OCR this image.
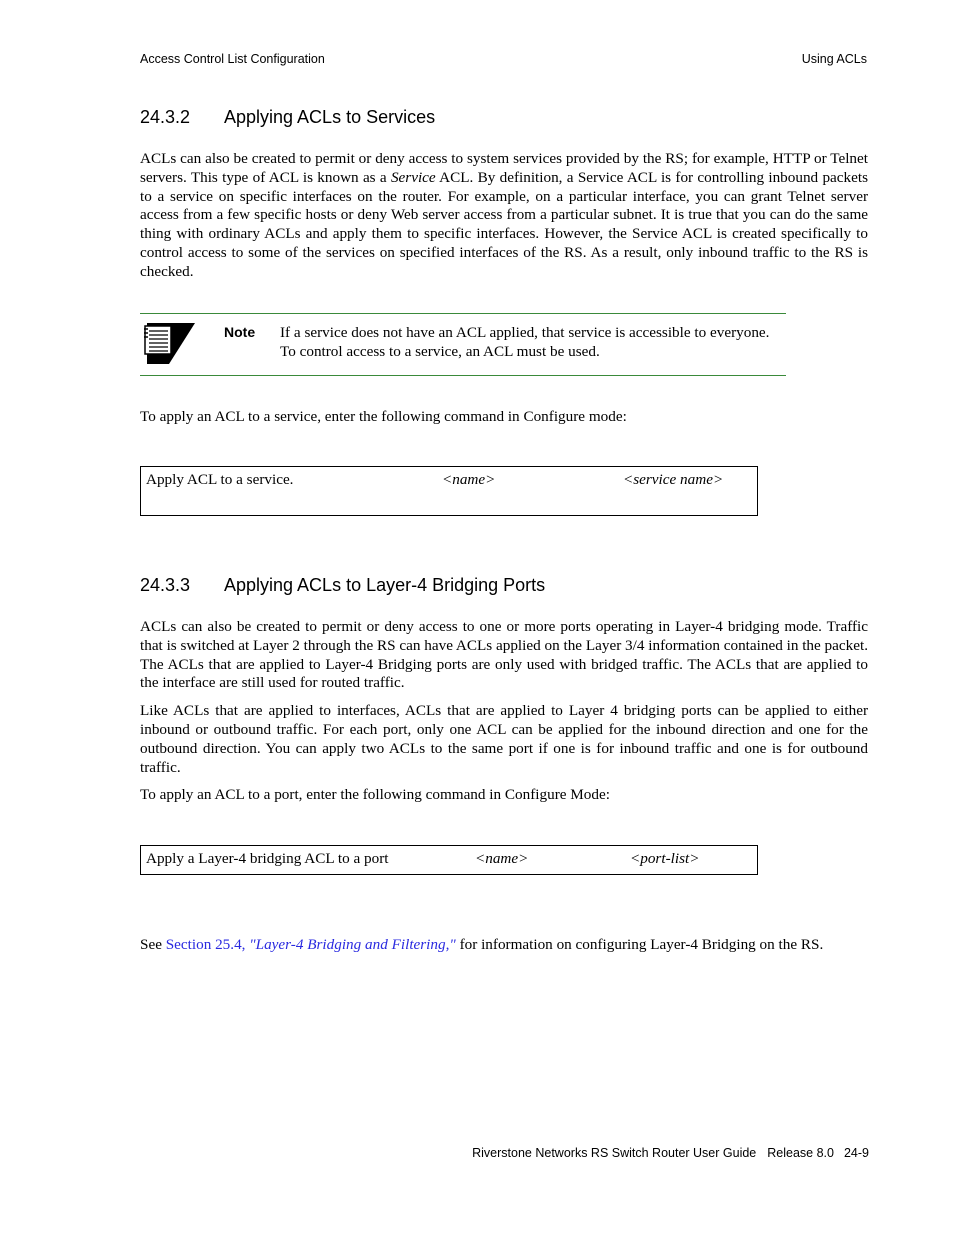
Access Control List Configuration	Using ACLs
24.3.2 Applying ACLs to Services

ACLs can also be created to permit or deny access to system services provided by the RS; for example, HTTP or Telnet servers. This type of ACL is known as a Service ACL. By definition, a Service ACL is for controlling inbound packets to a service on specific interfaces on the router. For example, on a particular interface, you can grant Telnet server access from a few specific hosts or deny Web server access from a particular subnet. It is true that you can do the same thing with ordinary ACLs and apply them to specific interfaces. However, the Service ACL is created specifically to control access to some of the services on specified interfaces of the RS. As a result, only inbound traffic to the RS is checked.

Note If a service does not have an ACL applied, that service is accessible to everyone.
To control access to a service, an ACL must be used.
To apply an ACL to a service, enter the following command in Configure mode:
Apply ACL to a service.	<name>	<service name>
24.3.3 Applying ACLs to Layer-4 Bridging Ports

ACLs can also be created to permit or deny access to one or more ports operating in Layer-4 bridging mode. Traffic that is switched at Layer 2 through the RS can have ACLs applied on the Layer 3/4 information contained in the packet. The ACLs that are applied to Layer-4 Bridging ports are only used with bridged traffic. The ACLs that are applied to the interface are still used for routed traffic.

Like ACLs that are applied to interfaces, ACLs that are applied to Layer 4 bridging ports can be applied to either inbound or outbound traffic. For each port, only one ACL can be applied for the inbound direction and one for the outbound direction. You can apply two ACLs to the same port if one is for inbound traffic and one is for outbound traffic.

To apply an ACL to a port, enter the following command in Configure Mode:

Apply a Layer-4 bridging ACL to a port	<name>	<port-list>
See Section 25.4, "Layer-4 Bridging and Filtering," for information on configuring Layer-4 Bridging on the RS.
Riverstone Networks RS Switch Router User Guide Release 8.0 24-9
